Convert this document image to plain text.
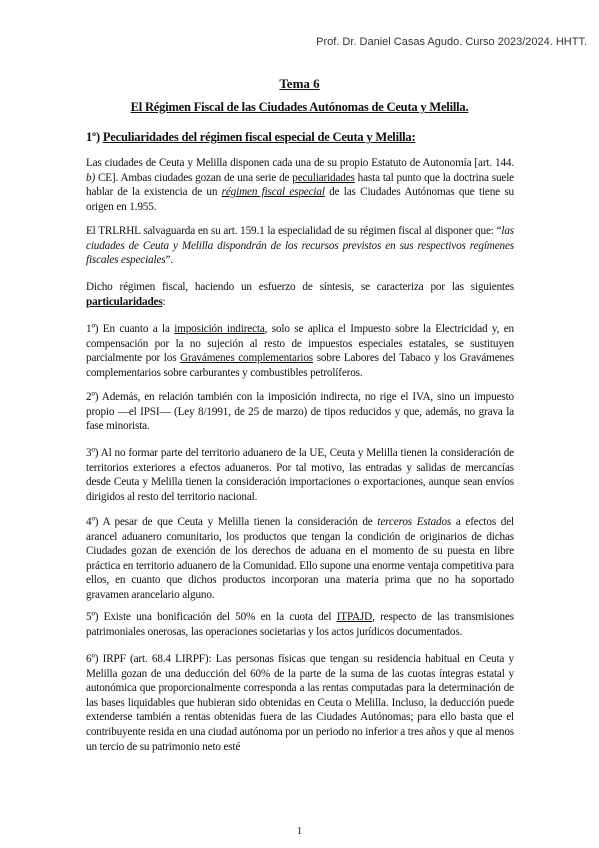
Prof. Dr. Daniel Casas Agudo. Curso 2023/2024. HHTT.
Tema 6
El Régimen Fiscal de las Ciudades Autónomas de Ceuta y Melilla.
1º) Peculiaridades del régimen fiscal especial de Ceuta y Melilla:

Las ciudades de Ceuta y Melilla disponen cada una de su propio Estatuto de Autonomía [art. 144. b) CE]. Ambas ciudades gozan de una serie de peculiaridades hasta tal punto que la doctrina suele hablar de la existencia de un régimen fiscal especial de las Ciudades Autónomas que tiene su origen en 1.955.

El TRLRHL salvaguarda en su art. 159.1 la especialidad de su régimen fiscal al disponer que: “las ciudades de Ceuta y Melilla dispondrán de los recursos previstos en sus respectivos regímenes fiscales especiales”.

Dicho régimen fiscal, haciendo un esfuerzo de síntesis, se caracteriza por las siguientes particularidades:

1º) En cuanto a la imposición indirecta, solo se aplica el Impuesto sobre la Electricidad y, en compensación por la no sujeción al resto de impuestos especiales estatales, se sustituyen parcialmente por los Gravámenes complementarios sobre Labores del Tabaco y los Gravámenes complementarios sobre carburantes y combustibles petrolíferos.

2º) Además, en relación también con la imposición indirecta, no rige el IVA, sino un impuesto propio —el IPSI— (Ley 8/1991, de 25 de marzo) de tipos reducidos y que, además, no grava la fase minorista.

3º) Al no formar parte del territorio aduanero de la UE, Ceuta y Melilla tienen la consideración de territorios exteriores a efectos aduaneros. Por tal motivo, las entradas y salidas de mercancías desde Ceuta y Melilla tienen la consideración importaciones o exportaciones, aunque sean envíos dirigidos al resto del territorio nacional.

4º) A pesar de que Ceuta y Melilla tienen la consideración de terceros Estados a efectos del arancel aduanero comunitario, los productos que tengan la condición de originarios de dichas Ciudades gozan de exención de los derechos de aduana en el momento de su puesta en libre práctica en territorio aduanero de la Comunidad. Ello supone una enorme ventaja competitiva para ellos, en cuanto que dichos productos incorporan una materia prima que no ha soportado gravamen arancelario alguno.

5º) Existe una bonificación del 50% en la cuota del ITPAJD, respecto de las transmisiones patrimoniales onerosas, las operaciones societarias y los actos jurídicos documentados.

6º) IRPF (art. 68.4 LIRPF): Las personas físicas que tengan su residencia habitual en Ceuta y Melilla gozan de una deducción del 60% de la parte de la suma de las cuotas íntegras estatal y autonómica que proporcionalmente corresponda a las rentas computadas para la determinación de las bases liquidables que hubieran sido obtenidas en Ceuta o Melilla. Incluso, la deducción puede extenderse también a rentas obtenidas fuera de las Ciudades Autónomas; para ello basta que el contribuyente resida en una ciudad autónoma por un periodo no inferior a tres años y que al menos un tercio de su patrimonio neto esté

1
